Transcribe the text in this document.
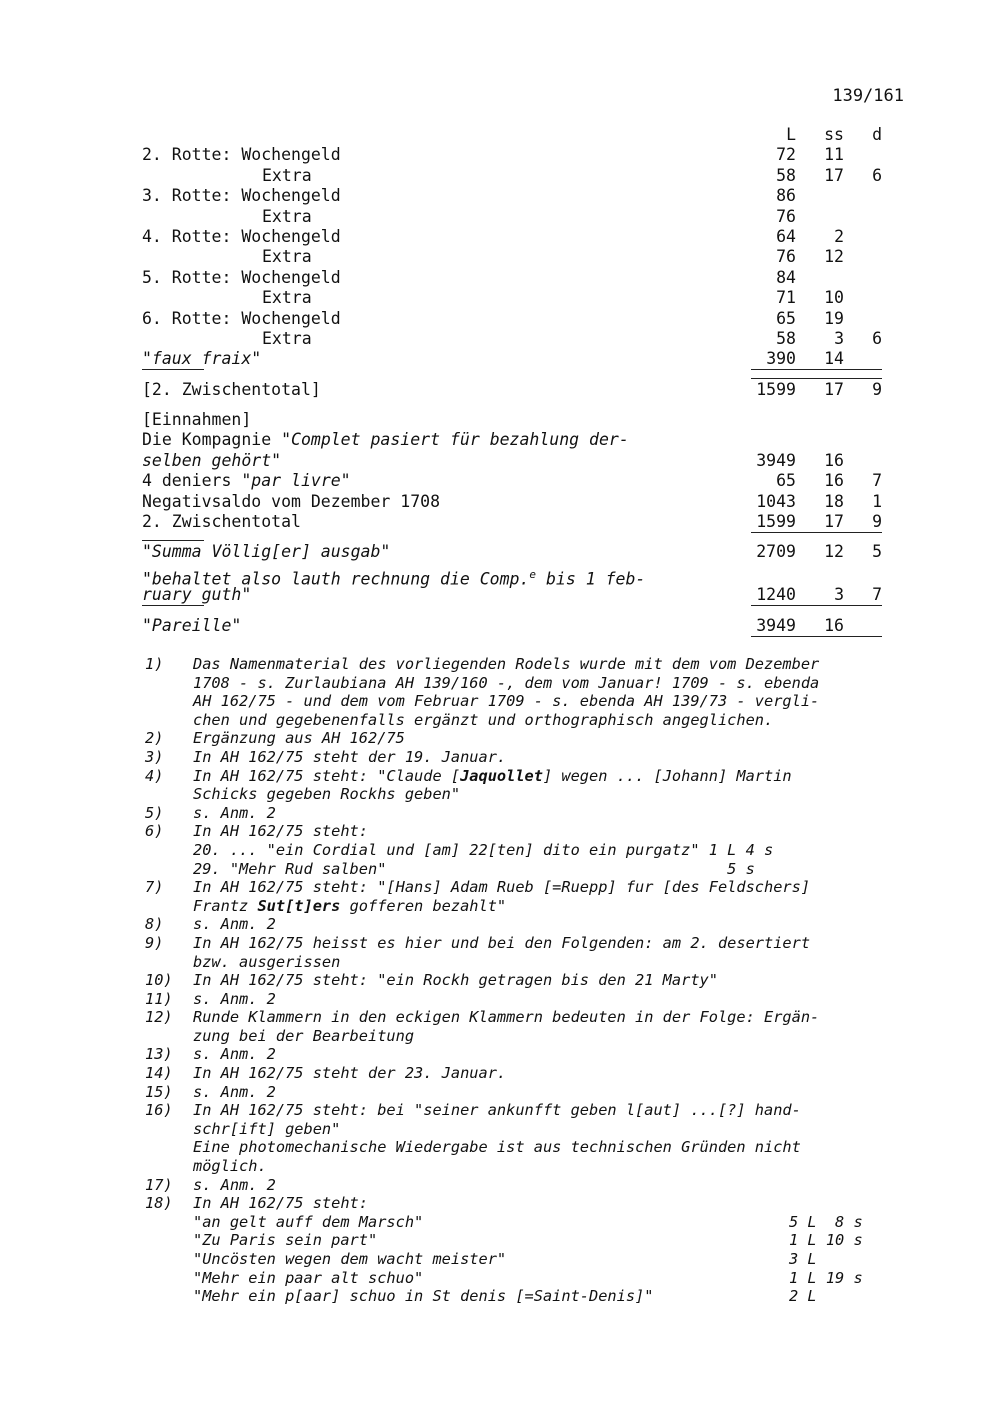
139/161
L	ss	d
2. Rotte: Wochengeld	72	11
Extra	58	17	6
3. Rotte: Wochengeld	86
Extra	76
4. Rotte: Wochengeld	64	2
Extra	76	12
5. Rotte: Wochengeld	84
Extra	71	10
6. Rotte: Wochengeld	65	19
Extra	58	3	6
"faux fraix"	390	14
[2. Zwischentotal]	1599	17	9
[Einnahmen]
Die Kompagnie "Complet pasiert für bezahlung der-
selben gehört"	3949	16
4 deniers "par livre"	65	16	7
Negativsaldo vom Dezember 1708	1043	18	1
2. Zwischentotal	1599	17	9
"Summa Völlig[er] ausgab"	2709	12	5
"behaltet also lauth rechnung die Comp.$^e$ bis 1 feb-
ruary guth"	1240	3	7
"Pareille"	3949	16
1)	Das Namenmaterial des vorliegenden Rodels wurde mit dem vom Dezember
1708 - s. Zurlaubiana AH 139/160 -, dem vom Januar! 1709 - s. ebenda
AH 162/75 - und dem vom Februar 1709 - s. ebenda AH 139/73 - vergli-
chen und gegebenenfalls ergänzt und orthographisch angeglichen.
2)	Ergänzung aus AH 162/75
3)	In AH 162/75 steht der 19. Januar.
4)	In AH 162/75 steht: "Claude [Jaquollet] wegen ... [Johann] Martin
Schicks gegeben Rockhs geben"
5)	s. Anm. 2
6)	In AH 162/75 steht:
20. ... "ein Cordial und [am] 22[ten] dito ein purgatz" 1 L 4 s
29. "Mehr Rud salben"                                     5 s
7)	In AH 162/75 steht: "[Hans] Adam Rueb [=Ruepp] fur [des Feldschers]
Frantz Sut[t]ers gofferen bezahlt"
8)	s. Anm. 2
9)	In AH 162/75 heisst es hier und bei den Folgenden: am 2. desertiert
bzw. ausgerissen
10)	In AH 162/75 steht: "ein Rockh getragen bis den 21 Marty"
11)	s. Anm. 2
12)	Runde Klammern in den eckigen Klammern bedeuten in der Folge: Ergän-
zung bei der Bearbeitung
13)	s. Anm. 2
14)	In AH 162/75 steht der 23. Januar.
15)	s. Anm. 2
16)	In AH 162/75 steht: bei "seiner ankunfft geben l[aut] ...[?] hand-
schr[ift] geben"
Eine photomechanische Wiedergabe ist aus technischen Gründen nicht
möglich.
17)	s. Anm. 2
18)	In AH 162/75 steht:
"an gelt auff dem Marsch"	5 L  8 s
"Zu Paris sein part"	1 L 10 s
"Uncösten wegen dem wacht meister"	3 L
"Mehr ein paar alt schuo"	1 L 19 s
"Mehr ein p[aar] schuo in St denis [=Saint-Denis]"	2 L
